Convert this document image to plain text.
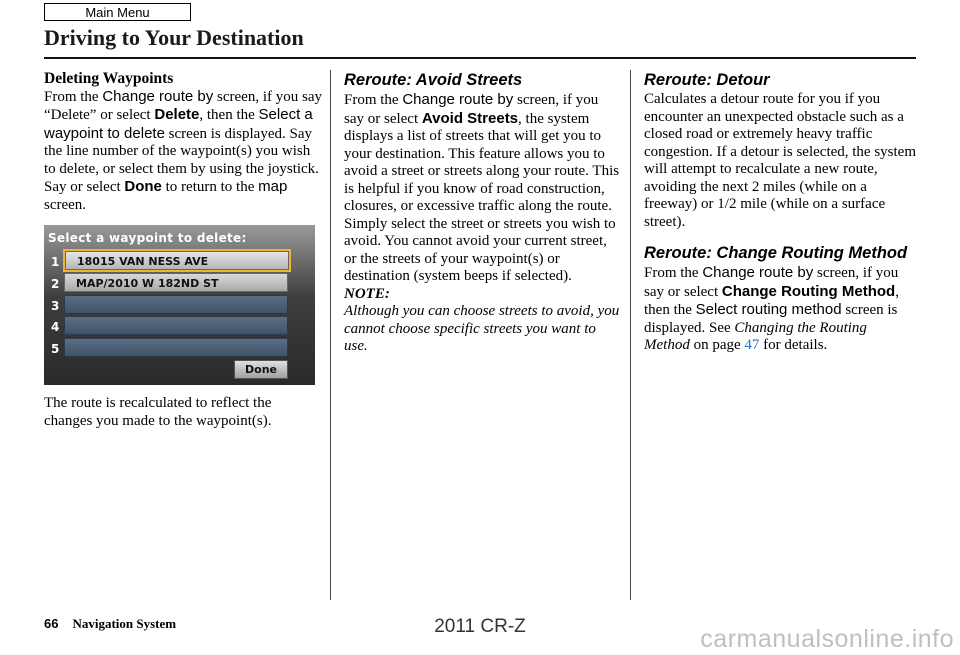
Main Menu
Driving to Your Destination

Deleting Waypoints

From the Change route by screen, if you say “Delete” or select Delete, then the Select a waypoint to delete screen is displayed. Say the line number of the waypoint(s) you wish to delete, or select them by using the joystick. Say or select Done to return to the map screen.

Select a waypoint to delete:
1 18015 VAN NESS AVE
2 MAP/2010 W 182ND ST
3
4
5
Done

The route is recalculated to reflect the changes you made to the waypoint(s).

Reroute: Avoid Streets

From the Change route by screen, if you say or select Avoid Streets, the system displays a list of streets that will get you to your destination. This feature allows you to avoid a street or streets along your route. This is helpful if you know of road construction, closures, or excessive traffic along the route. Simply select the street or streets you wish to avoid. You cannot avoid your current street, or the streets of your waypoint(s) or destination (system beeps if selected).

NOTE:

Although you can choose streets to avoid, you cannot choose specific streets you want to use.

Reroute: Detour

Calculates a detour route for you if you encounter an unexpected obstacle such as a closed road or extremely heavy traffic congestion. If a detour is selected, the system will attempt to recalculate a new route, avoiding the next 2 miles (while on a freeway) or 1/2 mile (while on a surface street).

Reroute: Change Routing Method

From the Change route by screen, if you say or select Change Routing Method, then the Select routing method screen is displayed. See Changing the Routing Method on page 47 for details.

66 Navigation System	2011 CR-Z	carmanualsonline.info
